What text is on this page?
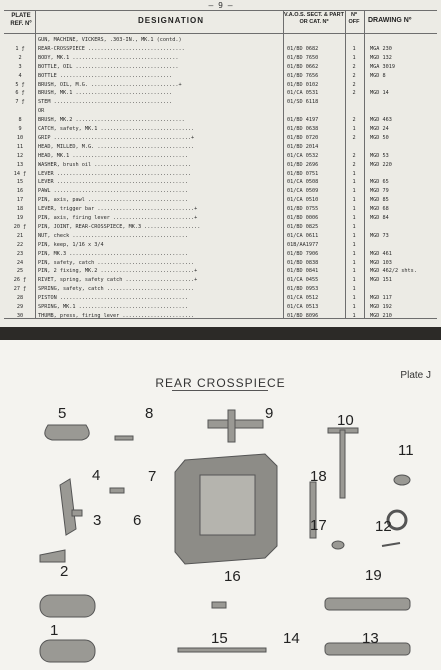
— 9 —
PLATE REF. Nº	DESIGNATION
V.A.O.S. SECT. & PART OR CAT. Nº
Nº OFF	DRAWING Nº
GUN, MACHINE, VICKERS, .303-IN., MK.1 (contd.)
1 ƒ	REAR-CROSSPIECE ...............................	01/BD 0682	1	MGA 230
2	BODY, MK.1 ..................................	01/BD 7650	1	MGD 132
3	BOTTLE, OIL .................................	01/BD 0662	2	MGA 3019
4	BOTTLE ....................................	01/BD 7656	2	MGD 8
5 ƒ	BRUSH, OIL, M.G. ............................+	01/BD 0102	2
6 ƒ	BRUSH, MK.1 ...............................	01/CA 0531	2	MGD 14
7 ƒ	STEM ......................................	01/SD 6118
OR
8	BRUSH, MK.2 ...................................	01/BD 4197	2	MGD 463
9	CATCH, safety, MK.1 ..............................	01/BD 0638	1	MGD 24
10	GRIP ............................................+	01/BD 0720	2	MGD 50
11	HEAD, MILLED, M.G. ...............................	01/BD 2014
12	HEAD, MK.1 .....................................	01/CA 0532	2	MGD 53
13	WASHER, brush oil ...............................	01/BD 2696	2	MGD 220
14 ƒ	LEVER ...........................................	01/BD 0751	1
15	LEVER ..........................................	01/CA 0508	1	MGD 65
16	PAWL ...........................................	01/CA 0509	1	MGD 79
17	PIN, axis, pawl ................................	01/CA 0510	1	MGD 85
18	LEVER, trigger bar ...............................+	01/BD 0755	1	MGD 68
19	PIN, axis, firing lever ..........................+	01/BD 0006	1	MGD 84
20 ƒ	PIN, JOINT, REAR-CROSSPIECE, MK.3 ..................	01/BD 0825	1
21	NUT, check .....................................	01/CA 0611	1	MGD 73
22	PIN, keep, 1/16 x 3/4	01B/AA1977	1
23	PIN, MK.3 ......................................	01/BD 7906	1	MGD 461
24	PIN, safety, catch ...............................	01/BD 0838	1	MGD 103
25	PIN, 2 fixing, MK.2 ..............................+	01/BD 0841	1	MGD 462/2 shts.
26 ƒ	RIVET, spring, safety catch ......................+	01/CA 0455	1	MGD 151
27 ƒ	SPRING, safety, catch ............................	01/BD 0953	1
28	PISTON .........................................	01/CA 0512	1	MGD 117
29	SPRING, MK.1 ...................................	01/CA 0513	1	MGD 192
30	THUMB, press, firing lever .......................	01/BD 8096	1	MGD 210
REAR CROSSPIECE
Plate J
5	8	9	10
11
4	7
3 6
18
17	12
2	19
16
1	15	14	13
